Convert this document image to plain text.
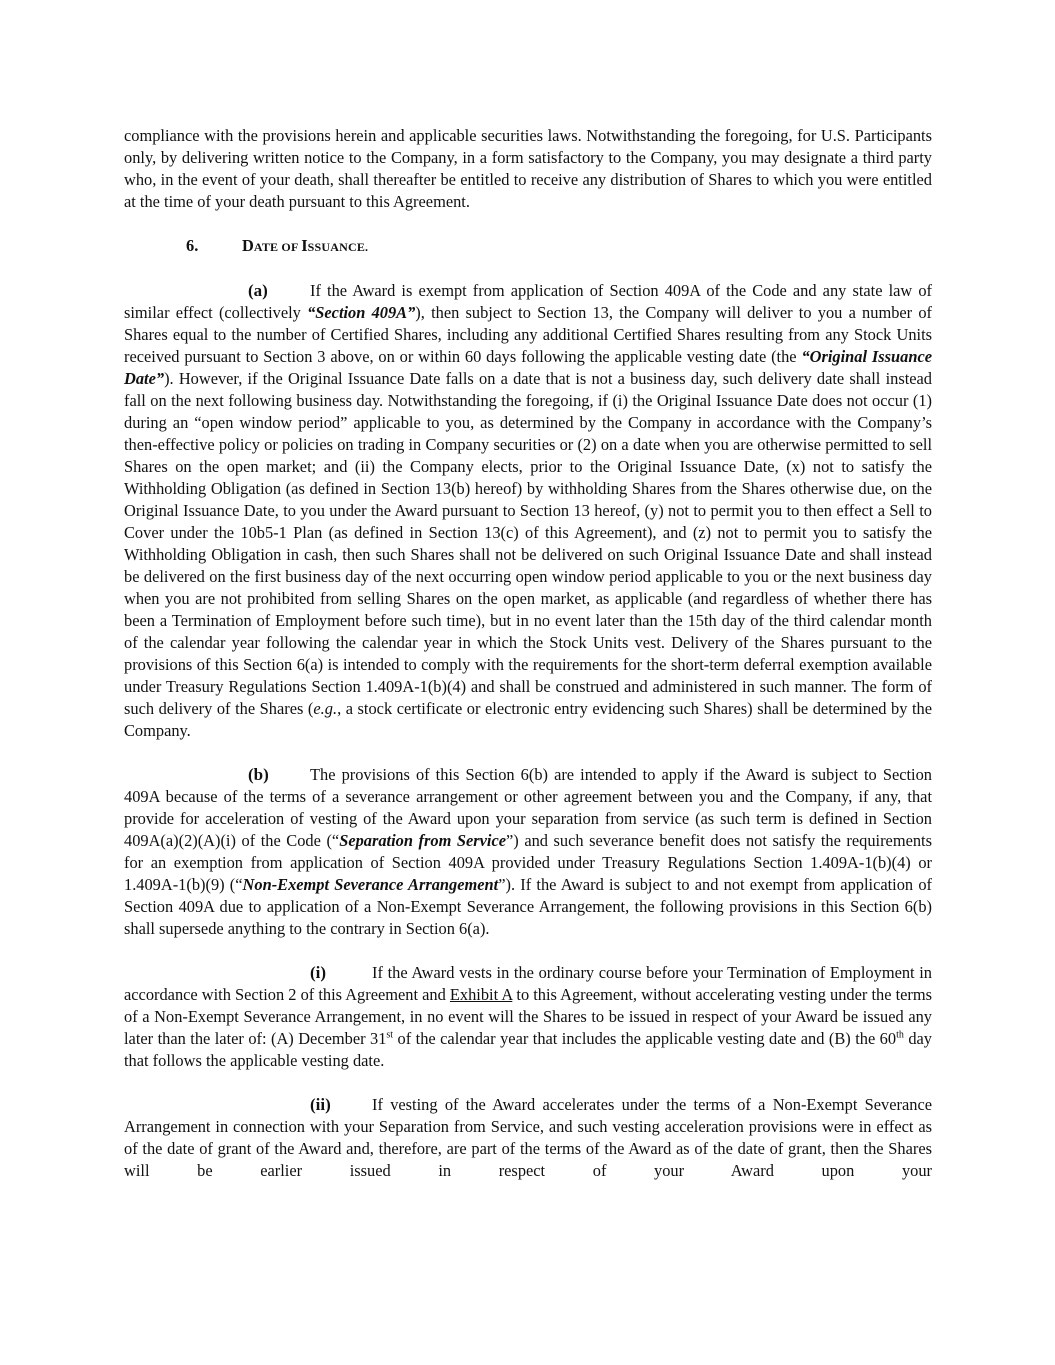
compliance with the provisions herein and applicable securities laws. Notwithstanding the foregoing, for U.S. Participants only, by delivering written notice to the Company, in a form satisfactory to the Company, you may designate a third party who, in the event of your death, shall thereafter be entitled to receive any distribution of Shares to which you were entitled at the time of your death pursuant to this Agreement.

6.	DATE OF ISSUANCE.

(a)	If the Award is exempt from application of Section 409A of the Code and any state law of similar effect (collectively “Section 409A”), then subject to Section 13, the Company will deliver to you a number of Shares equal to the number of Certified Shares, including any additional Certified Shares resulting from any Stock Units received pursuant to Section 3 above, on or within 60 days following the applicable vesting date (the “Original Issuance Date”). However, if the Original Issuance Date falls on a date that is not a business day, such delivery date shall instead fall on the next following business day. Notwithstanding the foregoing, if (i) the Original Issuance Date does not occur (1) during an “open window period” applicable to you, as determined by the Company in accordance with the Company’s then-effective policy or policies on trading in Company securities or (2) on a date when you are otherwise permitted to sell Shares on the open market; and (ii) the Company elects, prior to the Original Issuance Date, (x) not to satisfy the Withholding Obligation (as defined in Section 13(b) hereof) by withholding Shares from the Shares otherwise due, on the Original Issuance Date, to you under the Award pursuant to Section 13 hereof, (y) not to permit you to then effect a Sell to Cover under the 10b5-1 Plan (as defined in Section 13(c) of this Agreement), and (z) not to permit you to satisfy the Withholding Obligation in cash, then such Shares shall not be delivered on such Original Issuance Date and shall instead be delivered on the first business day of the next occurring open window period applicable to you or the next business day when you are not prohibited from selling Shares on the open market, as applicable (and regardless of whether there has been a Termination of Employment before such time), but in no event later than the 15th day of the third calendar month of the calendar year following the calendar year in which the Stock Units vest. Delivery of the Shares pursuant to the provisions of this Section 6(a) is intended to comply with the requirements for the short-term deferral exemption available under Treasury Regulations Section 1.409A-1(b)(4) and shall be construed and administered in such manner. The form of such delivery of the Shares (e.g., a stock certificate or electronic entry evidencing such Shares) shall be determined by the Company.

(b)	The provisions of this Section 6(b) are intended to apply if the Award is subject to Section 409A because of the terms of a severance arrangement or other agreement between you and the Company, if any, that provide for acceleration of vesting of the Award upon your separation from service (as such term is defined in Section 409A(a)(2)(A)(i) of the Code (“Separation from Service”) and such severance benefit does not satisfy the requirements for an exemption from application of Section 409A provided under Treasury Regulations Section 1.409A-1(b)(4) or 1.409A-1(b)(9) (“Non-Exempt Severance Arrangement”). If the Award is subject to and not exempt from application of Section 409A due to application of a Non-Exempt Severance Arrangement, the following provisions in this Section 6(b) shall supersede anything to the contrary in Section 6(a).

(i)	If the Award vests in the ordinary course before your Termination of Employment in accordance with Section 2 of this Agreement and Exhibit A to this Agreement, without accelerating vesting under the terms of a Non-Exempt Severance Arrangement, in no event will the Shares to be issued in respect of your Award be issued any later than the later of: (A) December 31st of the calendar year that includes the applicable vesting date and (B) the 60th day that follows the applicable vesting date.

(ii)	If vesting of the Award accelerates under the terms of a Non-Exempt Severance Arrangement in connection with your Separation from Service, and such vesting acceleration provisions were in effect as of the date of grant of the Award and, therefore, are part of the terms of the Award as of the date of grant, then the Shares will be earlier issued in respect of your Award upon your
